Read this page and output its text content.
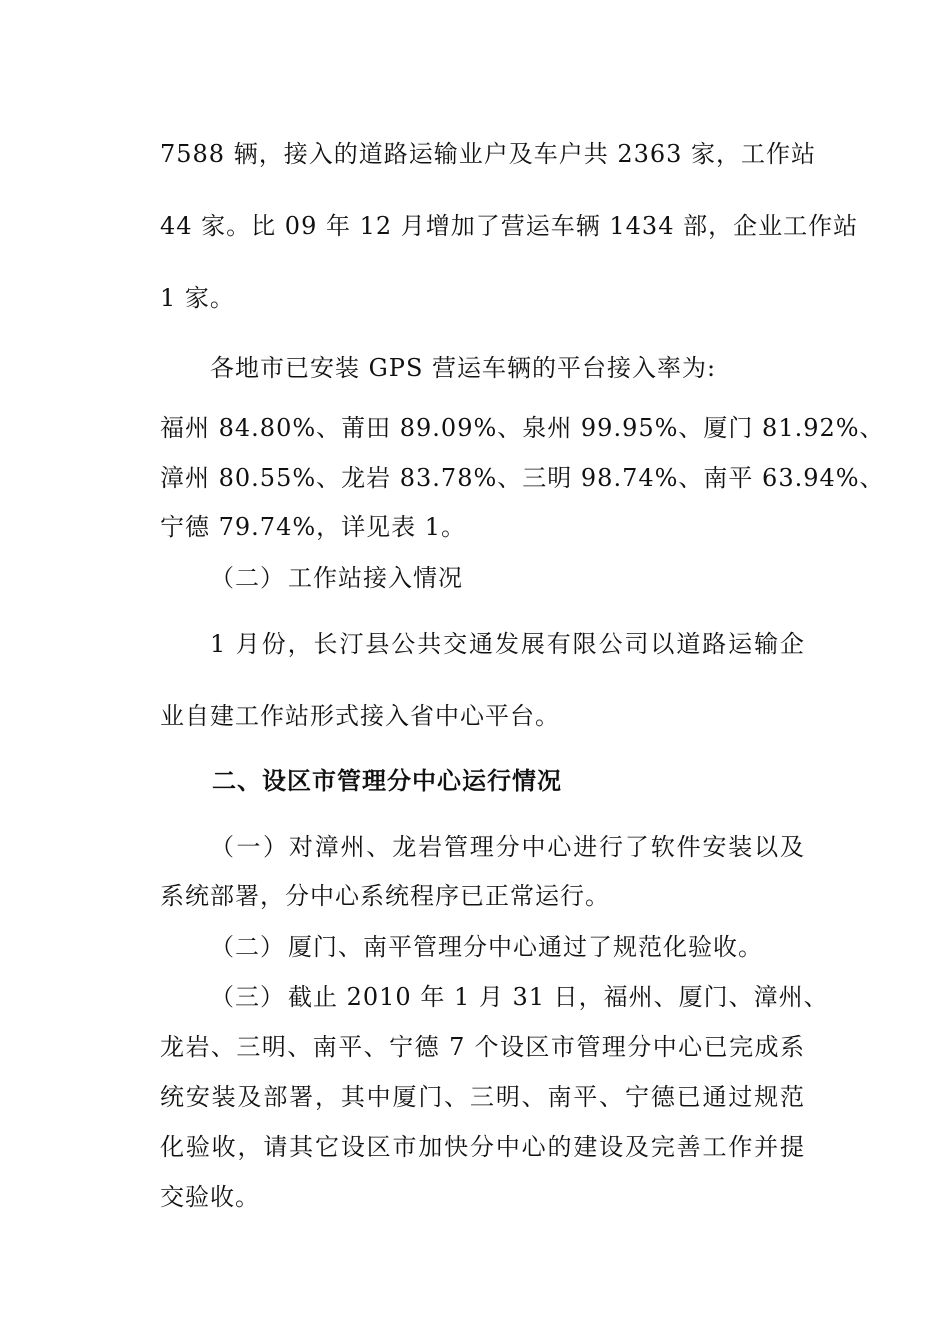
7588 辆，接入的道路运输业户及车户共 2363 家，工作站
44 家。比 09 年 12 月增加了营运车辆 1434 部，企业工作站
1 家。
各地市已安装 GPS 营运车辆的平台接入率为:
福州 84.80%、莆田 89.09%、泉州 99.95%、厦门 81.92%、
漳州 80.55%、龙岩 83.78%、三明 98.74%、南平 63.94%、
宁德 79.74%，详见表 1。
（二） 工作站接入情况
1 月份，长汀县公共交通发展有限公司以道路运输企
业自建工作站形式接入省中心平台。
二、设区市管理分中心运行情况
（一）对漳州、龙岩管理分中心进行了软件安装以及
系统部署，分中心系统程序已正常运行。
（二） 厦门、南平管理分中心通过了规范化验收。
（三） 截止 2010 年 1 月 31 日，福州、厦门、漳州、
龙岩、三明、南平、宁德 7 个设区市管理分中心已完成系
统安装及部署，其中厦门、三明、南平、宁德已通过规范
化验收，请其它设区市加快分中心的建设及完善工作并提
交验收。
